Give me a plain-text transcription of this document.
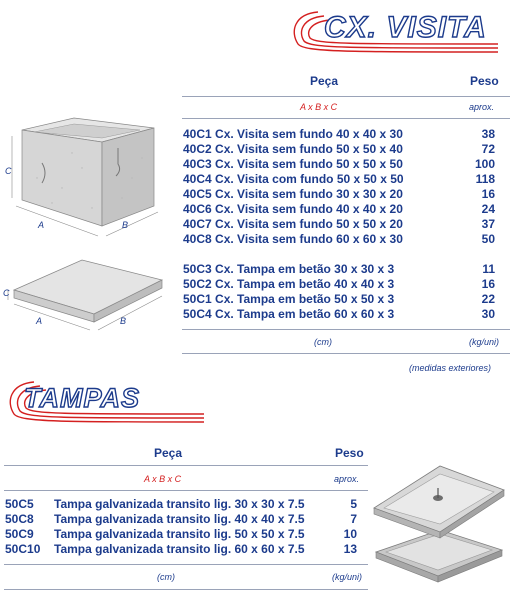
CX. VISITA
Peça	Peso
A x B x C	aprox.
40C1 Cx. Visita sem fundo 40 x 40 x 30	38
40C2 Cx. Visita sem fundo 50 x 50 x 40	72
40C3 Cx. Visita sem fundo 50 x 50 x 50	100
40C4 Cx. Visita com fundo 50 x 50 x 50	118
40C5 Cx. Visita sem fundo 30 x 30 x 20	16
40C6 Cx. Visita sem fundo 40 x 40 x 20	24
40C7 Cx. Visita sem fundo 50 x 50 x 20	37
40C8 Cx. Visita sem fundo 60 x 60 x 30	50
50C3 Cx. Tampa em betão 30 x 30 x 3	11
50C2 Cx. Tampa em betão 40 x 40 x 3	16
50C1 Cx. Tampa em betão 50 x 50 x 3	22
50C4 Cx. Tampa em betão 60 x 60 x 3	30
(cm)	(kg/uni)
(medidas exteriores)
C
A	B
C
A	B
TAMPAS
Peça	Peso
A x B x C	aprox.
50C5 Tampa galvanizada transito lig. 30 x 30 x 7.5	5
50C8 Tampa galvanizada transito lig. 40 x 40 x 7.5	7
50C9 Tampa galvanizada transito lig. 50 x 50 x 7.5	10
50C10 Tampa galvanizada transito lig. 60 x 60 x 7.5	13
(cm)	(kg/uni)
